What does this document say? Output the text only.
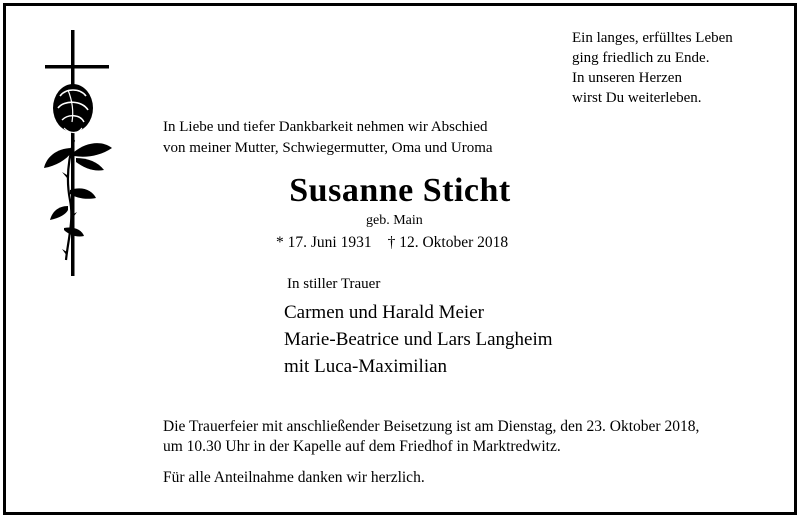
Ein langes, erfülltes Leben
ging friedlich zu Ende.
In unseren Herzen
wirst Du weiterleben.
In Liebe und tiefer Dankbarkeit nehmen wir Abschied
von meiner Mutter, Schwiegermutter, Oma und Uroma
Susanne Sticht
geb. Main
* 17. Juni 1931 † 12. Oktober 2018
In stiller Trauer
Carmen und Harald Meier
Marie-Beatrice und Lars Langheim
mit Luca-Maximilian
Die Trauerfeier mit anschließender Beisetzung ist am Dienstag, den 23. Oktober 2018,
um 10.30 Uhr in der Kapelle auf dem Friedhof in Marktredwitz.
Für alle Anteilnahme danken wir herzlich.
